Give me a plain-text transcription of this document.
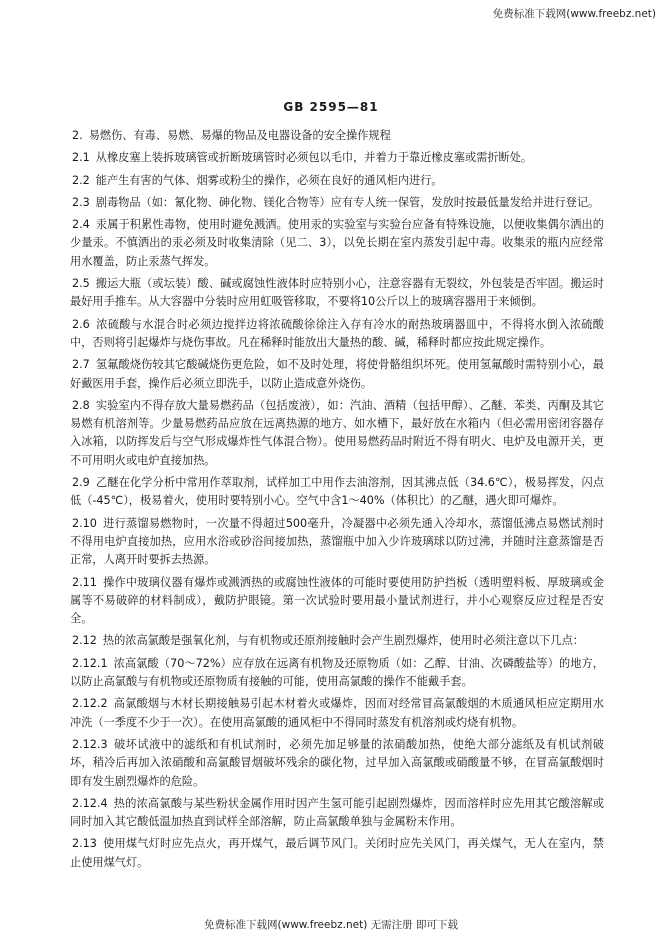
免费标准下载网(www.freebz.net)
GB 2595—81
2. 易燃伤、有毒、易燃、易爆的物品及电器设备的安全操作规程
2.1 从橡皮塞上装拆玻璃管或折断玻璃管时必须包以毛巾，并着力于靠近橡皮塞或需折断处。
2.2 能产生有害的气体、烟雾或粉尘的操作，必须在良好的通风柜内进行。
2.3 剧毒物品（如：氰化物、砷化物、镁化合物等）应有专人统一保管，发放时按最低量发给并进行登记。
2.4 汞属于积累性毒物，使用时避免溅洒。使用汞的实验室与实验台应备有特殊设施，以便收集偶尔洒出的少量汞。不慎洒出的汞必须及时收集清除（见二、3），以免长期在室内蒸发引起中毒。收集汞的瓶内应经常用水覆盖，防止汞蒸气挥发。
2.5 搬运大瓶（或坛装）酸、碱或腐蚀性液体时应特别小心，注意容器有无裂纹，外包装是否牢固。搬运时最好用手推车。从大容器中分装时应用虹吸管移取，不要将10公斤以上的玻璃容器用于来倾倒。
2.6 浓硫酸与水混合时必须边搅拌边将浓硫酸徐徐注入存有冷水的耐热玻璃器皿中，不得将水倒入浓硫酸中，否则将引起爆炸与烧伤事故。凡在稀释时能放出大量热的酸、碱，稀释时都应按此规定操作。
2.7 氢氟酸烧伤较其它酸碱烧伤更危险，如不及时处理，将使骨骼组织坏死。使用氢氟酸时需特别小心，最好戴医用手套，操作后必须立即洗手，以防止造成意外烧伤。
2.8 实验室内不得存放大量易燃药品（包括废液），如：汽油、酒精（包括甲醇）、乙醚、苯类、丙酮及其它易燃有机溶剂等。少量易燃药品应放在远离热源的地方、如水槽下，最好放在水箱内（但必需用密闭容器存入冰箱，以防挥发后与空气形成爆炸性气体混合物）。使用易燃药品时附近不得有明火、电炉及电源开关，更不可用明火或电炉直接加热。
2.9 乙醚在化学分析中常用作萃取剂，试样加工中用作去油溶剂，因其沸点低（34.6℃），极易挥发，闪点低（-45℃），极易着火，使用时要特别小心。空气中含1～40%（体积比）的乙醚，遇火即可爆炸。
2.10 进行蒸馏易燃物时，一次量不得超过500毫升，冷凝器中必须先通入冷却水，蒸馏低沸点易燃试剂时不得用电炉直接加热，应用水浴或砂浴间接加热，蒸馏瓶中加入少许玻璃球以防过沸，并随时注意蒸馏是否正常，人离开时要拆去热源。
2.11 操作中玻璃仪器有爆炸或溅洒热的或腐蚀性液体的可能时要使用防护挡板（透明塑料板、厚玻璃或金属等不易破碎的材料制成），戴防护眼镜。第一次试验时要用最小量试剂进行，并小心观察反应过程是否安全。
2.12 热的浓高氯酸是强氧化剂，与有机物或还原剂接触时会产生剧烈爆炸，使用时必须注意以下几点：
2.12.1 浓高氯酸（70～72%）应存放在远离有机物及还原物质（如：乙醇、甘油、次磷酸盐等）的地方，以防止高氯酸与有机物或还原物质有接触的可能，使用高氯酸的操作不能戴手套。
2.12.2 高氯酸烟与木材长期接触易引起木材着火或爆炸，因而对经常冒高氯酸烟的木质通风柜应定期用水冲洗（一季度不少于一次）。在使用高氯酸的通风柜中不得同时蒸发有机溶剂或灼烧有机物。
2.12.3 破坏试液中的滤纸和有机试剂时，必须先加足够量的浓硝酸加热，使绝大部分滤纸及有机试剂破坏，稍冷后再加入浓硝酸和高氯酸冒烟破坏残余的碳化物，过早加入高氯酸或硝酸量不够，在冒高氯酸烟时即有发生剧烈爆炸的危险。
2.12.4 热的浓高氯酸与某些粉状金属作用时因产生氢可能引起剧烈爆炸，因而溶样时应先用其它酸溶解或同时加入其它酸低温加热直到试样全部溶解，防止高氯酸单独与金属粉末作用。
2.13 使用煤气灯时应先点火，再开煤气，最后调节风门。关闭时应先关风门，再关煤气，无人在室内，禁止使用煤气灯。
免费标准下载网(www.freebz.net) 无需注册 即可下载
